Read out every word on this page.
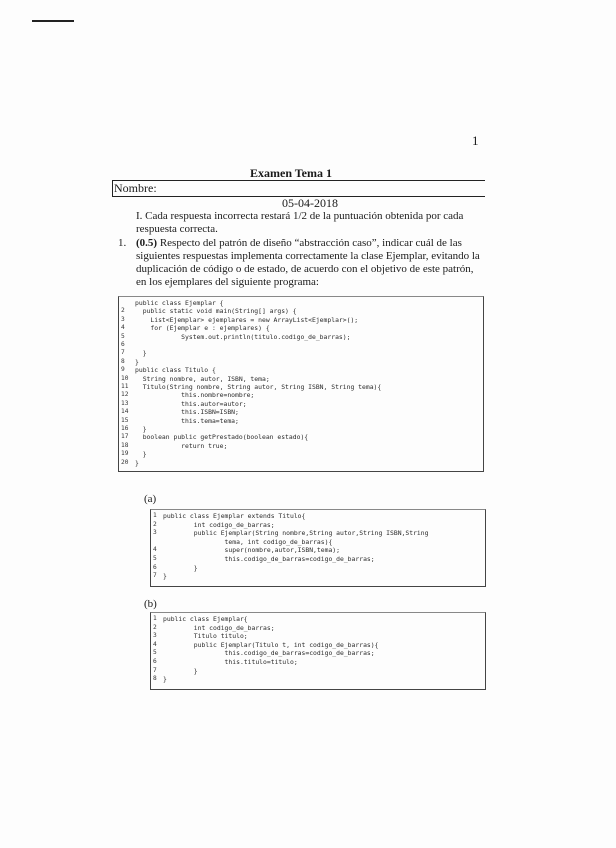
1
Examen Tema 1
Nombre:
05-04-2018
I. Cada respuesta incorrecta restará 1/2 de la puntuación obtenida por cada respuesta correcta.
1. (0.5) Respecto del patrón de diseño “abstracción caso”, indicar cuál de las siguientes respuestas implementa correctamente la clase Ejemplar, evitando la duplicación de código o de estado, de acuerdo con el objetivo de este patrón, en los ejemplares del siguiente programa:
public class Ejemplar {
2 public static void main(String[] args) {
3 List<Ejemplar> ejemplares = new ArrayList<Ejemplar>();
4 for (Ejemplar e : ejemplares) {
5 System.out.println(titulo.codigo_de_barras);
6
7 }
8 }
9 public class Titulo {
10 String nombre, autor, ISBN, tema;
11 Titulo(String nombre, String autor, String ISBN, String tema){
12 this.nombre=nombre;
13 this.autor=autor;
14 this.ISBN=ISBN;
15 this.tema=tema;
16 }
17 boolean public getPrestado(boolean estado){
18 return true;
19 }
20 }
(a)
1 public class Ejemplar extends Titulo{
2 int codigo_de_barras;
3 public Ejemplar(String nombre,String autor,String ISBN,String
tema, int codigo_de_barras){
4 super(nombre,autor,ISBN,tema);
5 this.codigo_de_barras=codigo_de_barras;
6 }
7 }
(b)
1 public class Ejemplar{
2 int codigo_de_barras;
3 Titulo titulo;
4 public Ejemplar(Titulo t, int codigo_de_barras){
5 this.codigo_de_barras=codigo_de_barras;
6 this.titulo=titulo;
7 }
8 }
